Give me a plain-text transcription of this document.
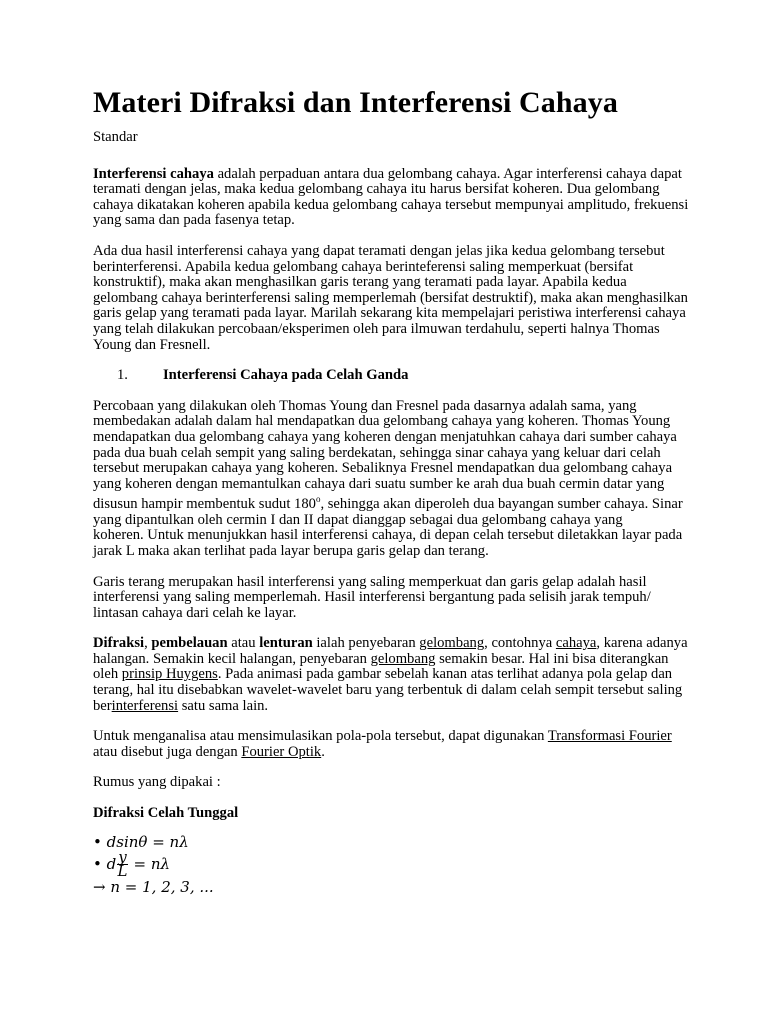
Materi Difraksi dan Interferensi Cahaya

Standar

Interferensi cahaya adalah perpaduan antara dua gelombang cahaya. Agar interferensi cahaya dapat
teramati dengan jelas, maka kedua gelombang cahaya itu harus bersifat koheren. Dua gelombang
cahaya dikatakan koheren apabila kedua gelombang cahaya tersebut mempunyai amplitudo, frekuensi
yang sama dan pada fasenya tetap.

Ada dua hasil interferensi cahaya yang dapat teramati dengan jelas jika kedua gelombang tersebut
berinterferensi. Apabila kedua gelombang cahaya berinteferensi saling memperkuat (bersifat
konstruktif), maka akan menghasilkan garis terang yang teramati pada layar. Apabila kedua
gelombang cahaya berinterferensi saling memperlemah (bersifat destruktif), maka akan menghasilkan
garis gelap yang teramati pada layar. Marilah sekarang kita mempelajari peristiwa interferensi cahaya
yang telah dilakukan percobaan/eksperimen oleh para ilmuwan terdahulu, seperti halnya Thomas
Young dan Fresnell.

1. Interferensi Cahaya pada Celah Ganda

Percobaan yang dilakukan oleh Thomas Young dan Fresnel pada dasarnya adalah sama, yang
membedakan adalah dalam hal mendapatkan dua gelombang cahaya yang koheren. Thomas Young
mendapatkan dua gelombang cahaya yang koheren dengan menjatuhkan cahaya dari sumber cahaya
pada dua buah celah sempit yang saling berdekatan, sehingga sinar cahaya yang keluar dari celah
tersebut merupakan cahaya yang koheren. Sebaliknya Fresnel mendapatkan dua gelombang cahaya
yang koheren dengan memantulkan cahaya dari suatu sumber ke arah dua buah cermin datar yang
disusun hampir membentuk sudut 180$^o$, sehingga akan diperoleh dua bayangan sumber cahaya. Sinar
yang dipantulkan oleh cermin I dan II dapat dianggap sebagai dua gelombang cahaya yang
koheren. Untuk menunjukkan hasil interferensi cahaya, di depan celah tersebut diletakkan layar pada
jarak L maka akan terlihat pada layar berupa garis gelap dan terang.

Garis terang merupakan hasil interferensi yang saling memperkuat dan garis gelap adalah hasil
interferensi yang saling memperlemah. Hasil interferensi bergantung pada selisih jarak tempuh/
lintasan cahaya dari celah ke layar.

Difraksi, pembelauan atau lenturan ialah penyebaran gelombang, contohnya cahaya, karena adanya
halangan. Semakin kecil halangan, penyebaran gelombang semakin besar. Hal ini bisa diterangkan
oleh prinsip Huygens. Pada animasi pada gambar sebelah kanan atas terlihat adanya pola gelap dan
terang, hal itu disebabkan wavelet-wavelet baru yang terbentuk di dalam celah sempit tersebut saling
berinterferensi satu sama lain.

Untuk menganalisa atau mensimulasikan pola-pola tersebut, dapat digunakan Transformasi Fourier
atau disebut juga dengan Fourier Optik.

Rumus yang dipakai :

Difraksi Celah Tunggal

• dsinθ = nλ
• d $\frac{y}{L} = n\lambda$
→ n = 1, 2, 3, ...
